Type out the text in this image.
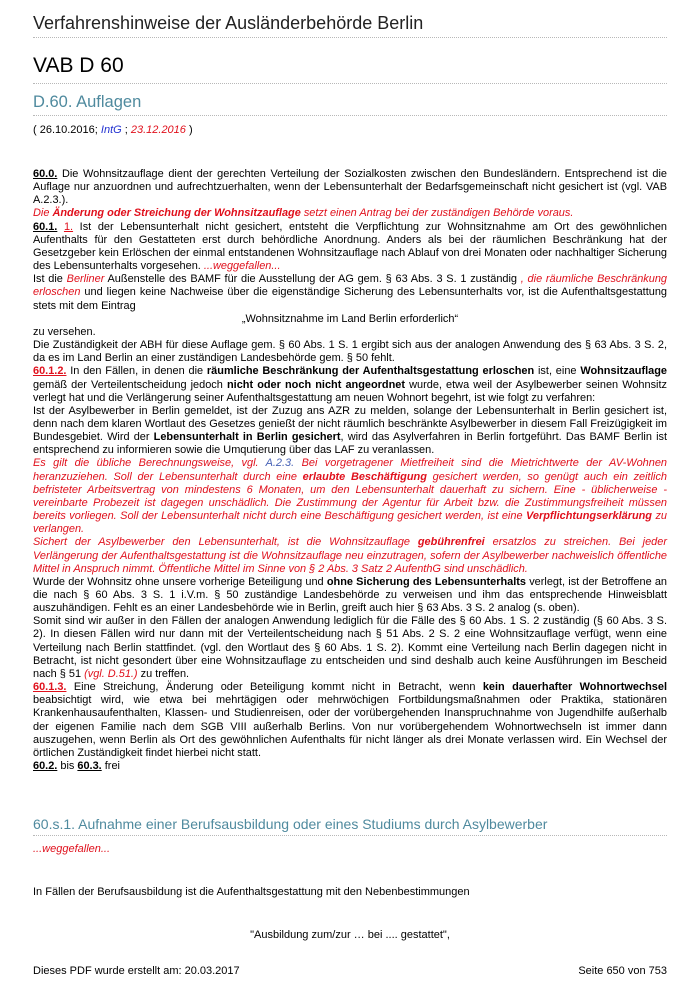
Verfahrenshinweise der Ausländerbehörde Berlin
VAB D 60
D.60. Auflagen
( 26.10.2016; IntG ; 23.12.2016 )

60.0. Die Wohnsitzauflage dient der gerechten Verteilung der Sozialkosten zwischen den Bundesländern. Entsprechend ist die Auflage nur anzuordnen und aufrechtzuerhalten, wenn der Lebensunterhalt der Bedarfsgemeinschaft nicht gesichert ist (vgl. VAB A.2.3.).

Die Änderung oder Streichung der Wohnsitzauflage setzt einen Antrag bei der zuständigen Behörde voraus.

60.1. 1. Ist der Lebensunterhalt nicht gesichert, entsteht die Verpflichtung zur Wohnsitznahme am Ort des gewöhnlichen Aufenthalts für den Gestatteten erst durch behördliche Anordnung. Anders als bei der räumlichen Beschränkung hat der Gesetzgeber kein Erlöschen der einmal entstandenen Wohnsitzauflage nach Ablauf von drei Monaten oder nachhaltiger Sicherung des Lebensunterhalts vorgesehen. ...weggefallen...

Ist die Berliner Außenstelle des BAMF für die Ausstellung der AG gem. § 63 Abs. 3 S. 1 zuständig , die räumliche Beschränkung erloschen und liegen keine Nachweise über die eigenständige Sicherung des Lebensunterhalts vor, ist die Aufenthaltsgestattung stets mit dem Eintrag

„Wohnsitznahme im Land Berlin erforderlich“

zu versehen.

Die Zuständigkeit der ABH für diese Auflage gem. § 60 Abs. 1 S. 1 ergibt sich aus der analogen Anwendung des § 63 Abs. 3 S. 2, da es im Land Berlin an einer zuständigen Landesbehörde gem. § 50 fehlt.

60.1.2. In den Fällen, in denen die räumliche Beschränkung der Aufenthaltsgestattung erloschen ist, eine Wohnsitzauflage gemäß der Verteilentscheidung jedoch nicht oder noch nicht angeordnet wurde, etwa weil der Asylbewerber seinen Wohnsitz verlegt hat und die Verlängerung seiner Aufenthaltsgestattung am neuen Wohnort begehrt, ist wie folgt zu verfahren:

Ist der Asylbewerber in Berlin gemeldet, ist der Zuzug ans AZR zu melden, solange der Lebensunterhalt in Berlin gesichert ist, denn nach dem klaren Wortlaut des Gesetzes genießt der nicht räumlich beschränkte Asylbewerber in diesem Fall Freizügigkeit im Bundesgebiet. Wird der Lebensunterhalt in Berlin gesichert, wird das Asylverfahren in Berlin fortgeführt. Das BAMF Berlin ist entsprechend zu informieren sowie die Umqutierung über das LAF zu veranlassen.

Es gilt die übliche Berechnungsweise, vgl. A.2.3. Bei vorgetragener Mietfreiheit sind die Mietrichtwerte der AV-Wohnen heranzuziehen. Soll der Lebensunterhalt durch eine erlaubte Beschäftigung gesichert werden, so genügt auch ein zeitlich befristeter Arbeitsvertrag von mindestens 6 Monaten, um den Lebensunterhalt dauerhaft zu sichern. Eine - übliche​rweise - vereinbarte Probezeit ist dagegen unschädlich. Die Zustimmung der Agentur für Arbeit bzw. die Zustimmungsfreiheit müssen bereits vorliegen. Soll der Lebensunterhalt nicht durch eine Beschäftigung gesichert werden, ist eine Verpflichtungserklärung zu verlangen.

Sichert der Asylbewerber den Lebensunterhalt, ist die Wohnsitzauflage gebührenfrei ersatzlos zu streichen. Bei jeder Verlängerung der Aufenthaltsgestattung ist die Wohnsitzauflage neu einzutragen, sofern der Asylbewerber nachweislich öffentliche Mittel in Anspruch nimmt. Öffentliche Mittel im Sinne von § 2 Abs. 3 Satz 2 AufenthG sind unschädlich.

Wurde der Wohnsitz ohne unsere vorherige Beteiligung und ohne Sicherung des Lebensunterhalts verlegt, ist der Betroffene an die nach § 60 Abs. 3 S. 1 i.V.m. § 50 zuständige Landesbehörde zu verweisen und ihm das entsprechende Hinweisblatt auszuhändigen. Fehlt es an einer Landesbehörde wie in Berlin, greift auch hier § 63 Abs. 3 S. 2 analog (s. oben).

Somit sind wir außer in den Fällen der analogen Anwendung lediglich für die Fälle des § 60 Abs. 1 S. 2 zuständig (§ 60 Abs. 3 S. 2). In diesen Fällen wird nur dann mit der Verteilentscheidung nach § 51 Abs. 2 S. 2 eine Wohnsitzauflage verfügt, wenn eine Verteilung nach Berlin stattfindet. (vgl. den Wortlaut des § 60 Abs. 1 S. 2). Kommt eine Verteilung nach Berlin dagegen nicht in Betracht, ist nicht gesondert über eine Wohnsitzauflage zu entscheiden und sind deshalb auch keine Ausführungen im Bescheid nach § 51 (vgl. D.51.) zu treffen.

60.1.3. Eine Streichung, Änderung oder Beteiligung kommt nicht in Betracht, wenn kein dauerhafter Wohnortwechsel beabsichtigt wird, wie etwa bei mehrtägigen oder mehrwöchigen Fortbildungsmaßnahmen oder Praktika, stationären Krankenhausaufenthalten, Klassen- und Studienreisen, oder der vorübergehenden Inanspruchnahme von Jugendhilfe außerhalb der eigenen Familie nach dem SGB VIII außerhalb Berlins. Von nur vorübergehendem Wohnortwechseln ist immer dann auszugehen, wenn Berlin als Ort des gewöhnlichen Aufenthalts für nicht länger als drei Monate verlassen wird. Ein Wechsel der örtlichen Zuständigkeit findet hierbei nicht statt.

60.2. bis 60.3. frei

60.s.1. Aufnahme einer Berufsausbildung oder eines Studiums durch Asylbewerber
...weggefallen...
In Fällen der Berufsausbildung ist die Aufenthaltsgestattung mit den Nebenbestimmungen
"Ausbildung zum/zur … bei .... gestattet",
Dieses PDF wurde erstellt am: 20.03.2017	Seite 650 von 753
